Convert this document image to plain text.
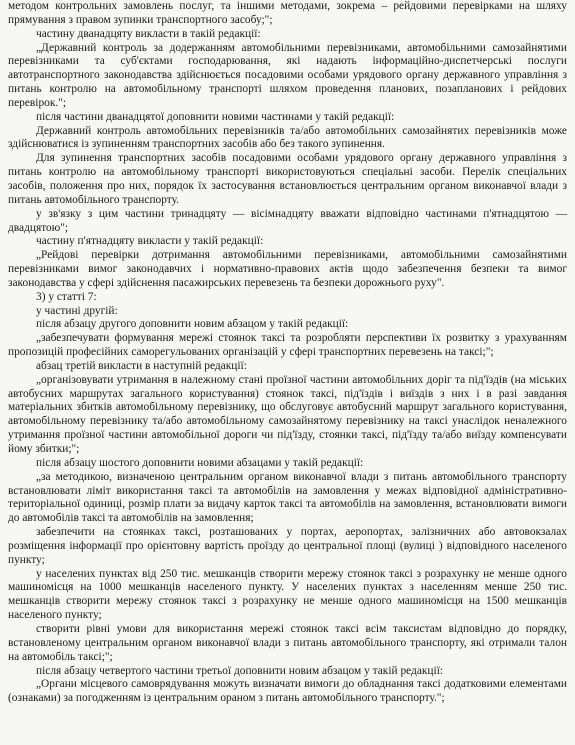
методом контрольних замовлень послуг, та іншими методами, зокрема – рейдовими перевірками на шляху прямування з правом зупинки транспортного засобу;";

частину дванадцяту викласти в такій редакції:

„Державний контроль за додержанням автомобільними перевізниками, автомобільними самозайнятими перевізниками та суб'єктами господарювання, які надають інформаційно-диспетчерські послуги автотранспортного законодавства здійснюється посадовими особами урядового органу державного управління з питань контролю на автомобільному транспорті шляхом проведення планових, позапланових і рейдових перевірок.";

після частини дванадцятої доповнити новими частинами у такій редакції:

Державний контроль автомобільних перевізників та/або автомобільних самозайнятих перевізників може здійснюватися із зупиненням транспортних засобів або без такого зупинення.

Для зупинення транспортних засобів посадовими особами урядового органу державного управління з питань контролю на автомобільному транспорті використовуються спеціальні засоби. Перелік спеціальних засобів, положення про них, порядок їх застосування встановлюється центральним органом виконавчої влади з питань автомобільного транспорту.

у зв'язку з цим частини тринадцяту — вісімнадцяту вважати відповідно частинами п'ятнадцятою — двадцятою";

частину п'ятнадцяту викласти у такій редакції:

„Рейдові перевірки дотримання автомобільними перевізниками, автомобільними самозайнятими перевізниками вимог законодавчих і нормативно-правових актів щодо забезпечення безпеки та вимог законодавства у сфері здійснення пасажирських перевезень та безпеки дорожнього руху".

3) у статті 7:

у частині другій:

після абзацу другого доповнити новим абзацом у такій редакції:

„забезпечувати формування мережі стоянок таксі та розробляти перспективи їх розвитку з урахуванням пропозицій професійних саморегульованих організацій у сфері транспортних перевезень на таксі;";

абзац третій викласти в наступній редакції:

„організовувати утримання в належному стані проїзної частини автомобільних доріг та під'їздів (на міських автобусних маршрутах загального користування) стоянок таксі, під'їздів і виїздів з них і в разі завдання матеріальних збитків автомобільному перевізнику, що обслуговує автобусний маршрут загального користування, автомобільному перевізнику та/або автомобільному самозайнятому перевізнику на таксі унаслідок неналежного утримання проїзної частини автомобільної дороги чи під'їзду, стоянки таксі, під'їзду та/або виїзду компенсувати йому збитки;";

після абзацу шостого доповнити новими абзацами у такій редакції:

„за методикою, визначеною центральним органом виконавчої влади з питань автомобільного транспорту встановлювати ліміт використання таксі та автомобілів на замовлення у межах відповідної адміністративно-територіальної одиниці, розмір плати за видачу карток таксі та автомобілів на замовлення, встановлювати вимоги до автомобілів таксі та автомобілів на замовлення;

забезпечити на стоянках таксі, розташованих у портах, аеропортах, залізничних або автовокзалах розміщення інформації про орієнтовну вартість проїзду до центральної площі (вулиці ) відповідного населеного пункту;

у населених пунктах від 250 тис. мешканців створити мережу стоянок таксі з розрахунку не менше одного машиномісця на 1000 мешканців населеного пункту. У населених пунктах з населенням менше 250 тис. мешканців створити мережу стоянок таксі з розрахунку не менше одного машиномісця на 1500 мешканців населеного пункту;

створити рівні умови для використання мережі стоянок таксі всім таксистам відповідно до порядку, встановленому центральним органом виконавчої влади з питань автомобільного транспорту, які отримали талон на автомобіль таксі;";

після абзацу четвертого частини третьої доповнити новим абзацом у такій редакції:

„Органи місцевого самоврядування можуть визначати вимоги до обладнання таксі додатковими елементами (ознаками) за погодженням із центральним ораном з питань автомобільного транспорту.";
